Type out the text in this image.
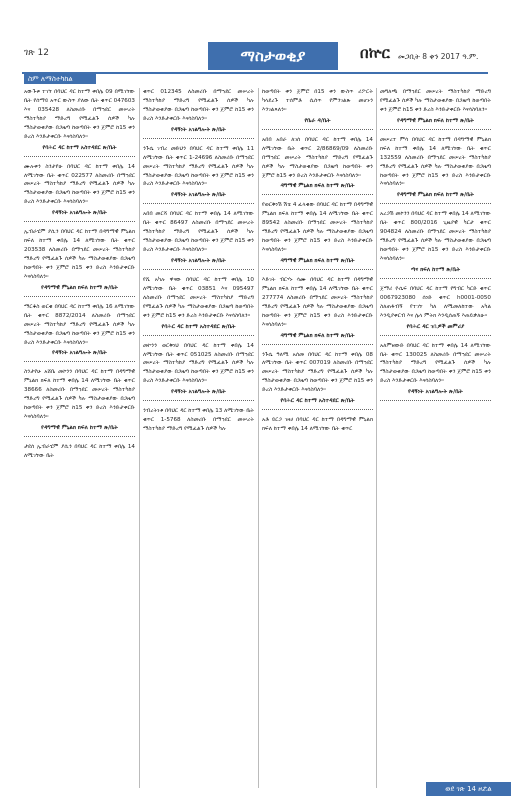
ገጽ 12	ማስታወቂያ	በኵር መጋቢት 8 ቀን 2017 ዓ.ም.
ስም ለማስተካከል

አውጉቱ ተገኘ በባህር ዳር ከተማ ቀበሌ 09 በሚገኘው ቤት የሰማይ አጥር ውስጥ ያለው ቤት ቁጥር 047603 እና 035428 ለስመሪቡ በማኅደር መሠረት ማስተካከያ ማድረግ የሚፈልጉ ሰዎች ካሉ ማስታወቂያው በጋዜጣ ከወጣበት ቀን ጀምሮ ከ15 ቀን ድረስ እንድታቀርቡ እናሳስባለን፡፡

የባሕር ዳር ከተማ አስተዳደር ጽ/ቤት

ሙሉቀን ስንታየሁ በባህር ዳር ከተማ ቀበሌ 14 ለሚገኘው ቤት ቁጥር 022577 ለስመሪቡ በማኅደር መሠረት ማስተካከያ ማድረግ የሚፈልጉ ሰዎች ካሉ ማስታወቂያው በጋዜጣ ከወጣበት ቀን ጀምሮ ከ15 ቀን ድረስ እንድታቀርቡ እናሳስባለን፡፡

የዳኝነት አገልግሎት ጽ/ቤት

ኢብራሂም ያሲን በባህር ዳር ከተማ በዳግማዊ ምኒልክ ክፍለ ከተማ ቀበሌ 14 ለሚገኘው ቤት ቁጥር 203538 ለስመሪቡ በማኅደር መሠረት ማስተካከያ ማድረግ የሚፈልጉ ሰዎች ካሉ ማስታወቂያው በጋዜጣ ከወጣበት ቀን ጀምሮ ከ15 ቀን ድረስ እንድታቀርቡ እናሳስባለን፡፡

የዳግማዊ ምኒልክ ክፍለ ከተማ ጽ/ቤት

ማርቆስ ወርቁ በባህር ዳር ከተማ ቀበሌ 16 ለሚገኘው ቤት ቁጥር 8872/2014 ለስመሪቡ በማኅደር መሠረት ማስተካከያ ማድረግ የሚፈልጉ ሰዎች ካሉ ማስታወቂያው በጋዜጣ ከወጣበት ቀን ጀምሮ ከ15 ቀን ድረስ እንድታቀርቡ እናሳስባለን፡፡

የዳኝነት አገልግሎት ጽ/ቤት

ስንታየሁ አሸቤ መኮንን በባህር ዳር ከተማ በዳግማዊ ምኒልክ ክፍለ ከተማ ቀበሌ 14 ለሚገኘው ቤት ቁጥር 38666 ለስመሪቡ በማኅደር መሠረት ማስተካከያ ማድረግ የሚፈልጉ ሰዎች ካሉ ማስታወቂያው በጋዜጣ ከወጣበት ቀን ጀምሮ ከ15 ቀን ድረስ እንድታቀርቡ እናሳስባለን፡፡

የዳግማዊ ምኒልክ ክፍለ ከተማ ጽ/ቤት

ታደሰ ኢብራሂም ያሲን በባህር ዳር ከተማ ቀበሌ 14 ለሚገኘው ቤት

ቁጥር 012345 ለስመሪቡ በማኅደር መሠረት ማስተካከያ ማድረግ የሚፈልጉ ሰዎች ካሉ ማስታወቂያው በጋዜጣ ከወጣበት ቀን ጀምሮ ከ15 ቀን ድረስ እንድታቀርቡ እናሳስባለን፡፡

የዳኝነት አገልግሎት ጽ/ቤት

ንጉሴ ገብረ መድህን በባህር ዳር ከተማ ቀበሌ 11 ለሚገኘው ቤት ቁጥር 1-24696 ለስመሪቡ በማኅደር መሠረት ማስተካከያ ማድረግ የሚፈልጉ ሰዎች ካሉ ማስታወቂያው በጋዜጣ ከወጣበት ቀን ጀምሮ ከ15 ቀን ድረስ እንድታቀርቡ እናሳስባለን፡፡

የዳኝነት አገልግሎት ጽ/ቤት

አበበ መርሻ በባህር ዳር ከተማ ቀበሌ 14 ለሚገኘው ቤት ቁጥር 86497 ለስመሪቡ በማኅደር መሠረት ማስተካከያ ማድረግ የሚፈልጉ ሰዎች ካሉ ማስታወቂያው በጋዜጣ ከወጣበት ቀን ጀምሮ ከ15 ቀን ድረስ እንድታቀርቡ እናሳስባለን፡፡

የዳኝነት አገልግሎት ጽ/ቤት

የሺ አካሉ ዋናው በባህር ዳር ከተማ ቀበሌ 10 ለሚገኘው ቤት ቁጥር 03851 እና 095497 ለስመሪቡ በማኅደር መሠረት ማስተካከያ ማድረግ የሚፈልጉ ሰዎች ካሉ ማስታወቂያው በጋዜጣ ከወጣበት ቀን ጀምሮ ከ15 ቀን ድረስ እንድታቀርቡ እናሳስባለን፡፡

የባሕር ዳር ከተማ አስተዳደር ጽ/ቤት

መኮንን ወርቅነህ በባህር ዳር ከተማ ቀበሌ 14 ለሚገኘው ቤት ቁጥር 051025 ለስመሪቡ በማኅደር መሠረት ማስተካከያ ማድረግ የሚፈልጉ ሰዎች ካሉ ማስታወቂያው በጋዜጣ ከወጣበት ቀን ጀምሮ ከ15 ቀን ድረስ እንድታቀርቡ እናሳስባለን፡፡

የዳኝነት አገልግሎት ጽ/ቤት

ንብረትነቱ በባህር ዳር ከተማ ቀበሌ 13 ለሚገኘው ቤት ቁጥር 1-5768 ለስመሪቡ በማኅደር መሠረት ማስተካከያ ማድረግ የሚፈልጉ ሰዎች ካሉ

ከወጣበት ቀን ጀምሮ በ15 ቀን ውስጥ ሪፖርት ካላደረጉ ተሰምቶ ሲሰጥ የምንገልጽ መሆኑን እንገልጻለን፡፡

የቤራ ዳ/ቤት

አበበ አበራ ለገሰ በባህር ዳር ከተማ ቀበሌ 14 ለሚገኘው ቤት ቁጥር 2/86869/09 ለስመሪቡ በማኅደር መሠረት ማስተካከያ ማድረግ የሚፈልጉ ሰዎች ካሉ ማስታወቂያው በጋዜጣ ከወጣበት ቀን ጀምሮ ከ15 ቀን ድረስ እንድታቀርቡ እናሳስባለን፡፡

ዳግማዊ ምኒልክ ክፍለ ከተማ ጽ/ቤት

የወርቅነሽ ሽቴ 4 ፈላቂው በባህር ዳር ከተማ በዳግማዊ ምኒልክ ክፍለ ከተማ ቀበሌ 14 ለሚገኘው ቤት ቁጥር 89542 ለስመሪቡ በማኅደር መሠረት ማስተካከያ ማድረግ የሚፈልጉ ሰዎች ካሉ ማስታወቂያው በጋዜጣ ከወጣበት ቀን ጀምሮ ከ15 ቀን ድረስ እንድታቀርቡ እናሳስባለን፡፡

ዳግማዊ ምኒልክ ክፍለ ከተማ ጽ/ቤት

እድገት ብርሃኑ ሳሙ በባህር ዳር ከተማ በዳግማዊ ምኒልክ ክፍለ ከተማ ቀበሌ 14 ለሚገኘው ቤት ቁጥር 277774 ለስመሪቡ በማኅደር መሠረት ማስተካከያ ማድረግ የሚፈልጉ ሰዎች ካሉ ማስታወቂያው በጋዜጣ ከወጣበት ቀን ጀምሮ ከ15 ቀን ድረስ እንድታቀርቡ እናሳስባለን፡፡

ዳግማዊ ምኒልክ ክፍለ ከተማ ጽ/ቤት

ንጉሴ ዓለሚ አሰመ በባህር ዳር ከተማ ቀበሌ 08 ለሚገኘው ቤት ቁጥር 007019 ለስመሪቡ በማኅደር መሠረት ማስተካከያ ማድረግ የሚፈልጉ ሰዎች ካሉ ማስታወቂያው በጋዜጣ ከወጣበት ቀን ጀምሮ ከ15 ቀን ድረስ እንድታቀርቡ እናሳስባለን፡፡

የባሕር ዳር ከተማ አስተዳደር ጽ/ቤት

አቶ ይርጋ ገዛሀ በባህር ዳር ከተማ በዳግማዊ ምኒልክ ክፍለ ከተማ ቀበሌ 14 ለሚገኘው ቤት ቁጥር

መግለጫ በማኅደር መሠረት ማስተካከያ ማድረግ የሚፈልጉ ሰዎች ካሉ ማስታወቂያው በጋዜጣ ከወጣበት ቀን ጀምሮ ከ15 ቀን ድረስ እንድታቀርቡ እናሳስባለን፡፡

የዳግማዊ ምኒልክ ክፍለ ከተማ ጽ/ቤት

መሠረተ ምሳ በባህር ዳር ከተማ በዳግማዊ ምኒልክ ክፍለ ከተማ ቀበሌ 14 ለሚገኘው ቤት ቁጥር 132559 ለስመሪቡ በማኅደር መሠረት ማስተካከያ ማድረግ የሚፈልጉ ሰዎች ካሉ ማስታወቂያው በጋዜጣ ከወጣበት ቀን ጀምሮ ከ15 ቀን ድረስ እንድታቀርቡ እናሳስባለን፡፡

የዳግማዊ ምኒልክ ክፍለ ከተማ ጽ/ቤት

አረጋሽ መኮንን በባህር ዳር ከተማ ቀበሌ 14 ለሚገኘው ቤት ቁጥር 800/2016 ጊዜያዊ ካርታ ቁጥር 904824 ለስመሪቡ በማኅደር መሠረት ማስተካከያ ማድረግ የሚፈልጉ ሰዎች ካሉ ማስታወቂያው በጋዜጣ ከወጣበት ቀን ጀምሮ ከ15 ቀን ድረስ እንድታቀርቡ እናሳስባለን፡፡

ጣና ክፍለ ከተማ ጽ/ቤት

ጀማሪ ዮሴፍ በባህር ዳር ከተማ የግብር ካርድ ቁጥር 0067923080 ሰነድ ቁጥር h0001-0050 ስለጠፋብኝ የተገኘ ካለ ለሚመለከተው አካል እንዲያቀርብ እና ሌላ ምትክ እንዲሰጠኝ እጠይቃለሁ፡፡

የባሕር ዳር ገቢዎች መምሪያ

አለምዘውድ በባህር ዳር ከተማ ቀበሌ 14 ለሚገኘው ቤት ቁጥር 130025 ለስመሪቡ በማኅደር መሠረት ማስተካከያ ማድረግ የሚፈልጉ ሰዎች ካሉ ማስታወቂያው በጋዜጣ ከወጣበት ቀን ጀምሮ ከ15 ቀን ድረስ እንድታቀርቡ እናሳስባለን፡፡

የዳኝነት አገልግሎት ጽ/ቤት
ወደ ገጽ 14 ዞሯል
